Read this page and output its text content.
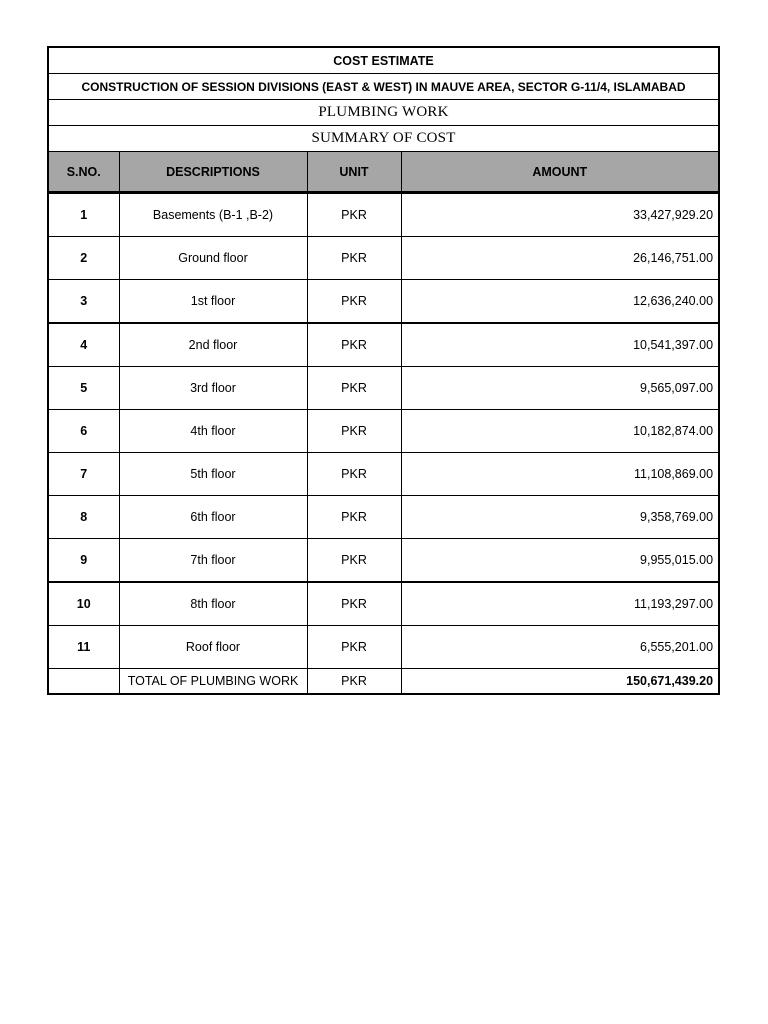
COST ESTIMATE			
CONSTRUCTION OF SESSION DIVISIONS (EAST & WEST) IN MAUVE AREA, SECTOR G-11/4, ISLAMABAD			
PLUMBING WORK			
SUMMARY OF COST			
S.NO.	DESCRIPTIONS	UNIT	AMOUNT
1	Basements (B-1 ,B-2)	PKR	33,427,929.20
2	Ground floor	PKR	26,146,751.00
3	1st floor	PKR	12,636,240.00
4	2nd floor	PKR	10,541,397.00
5	3rd floor	PKR	9,565,097.00
6	4th floor	PKR	10,182,874.00
7	5th floor	PKR	11,108,869.00
8	6th floor	PKR	9,358,769.00
9	7th floor	PKR	9,955,015.00
10	8th floor	PKR	11,193,297.00
11	Roof floor	PKR	6,555,201.00
	TOTAL OF PLUMBING WORK	PKR	150,671,439.20
